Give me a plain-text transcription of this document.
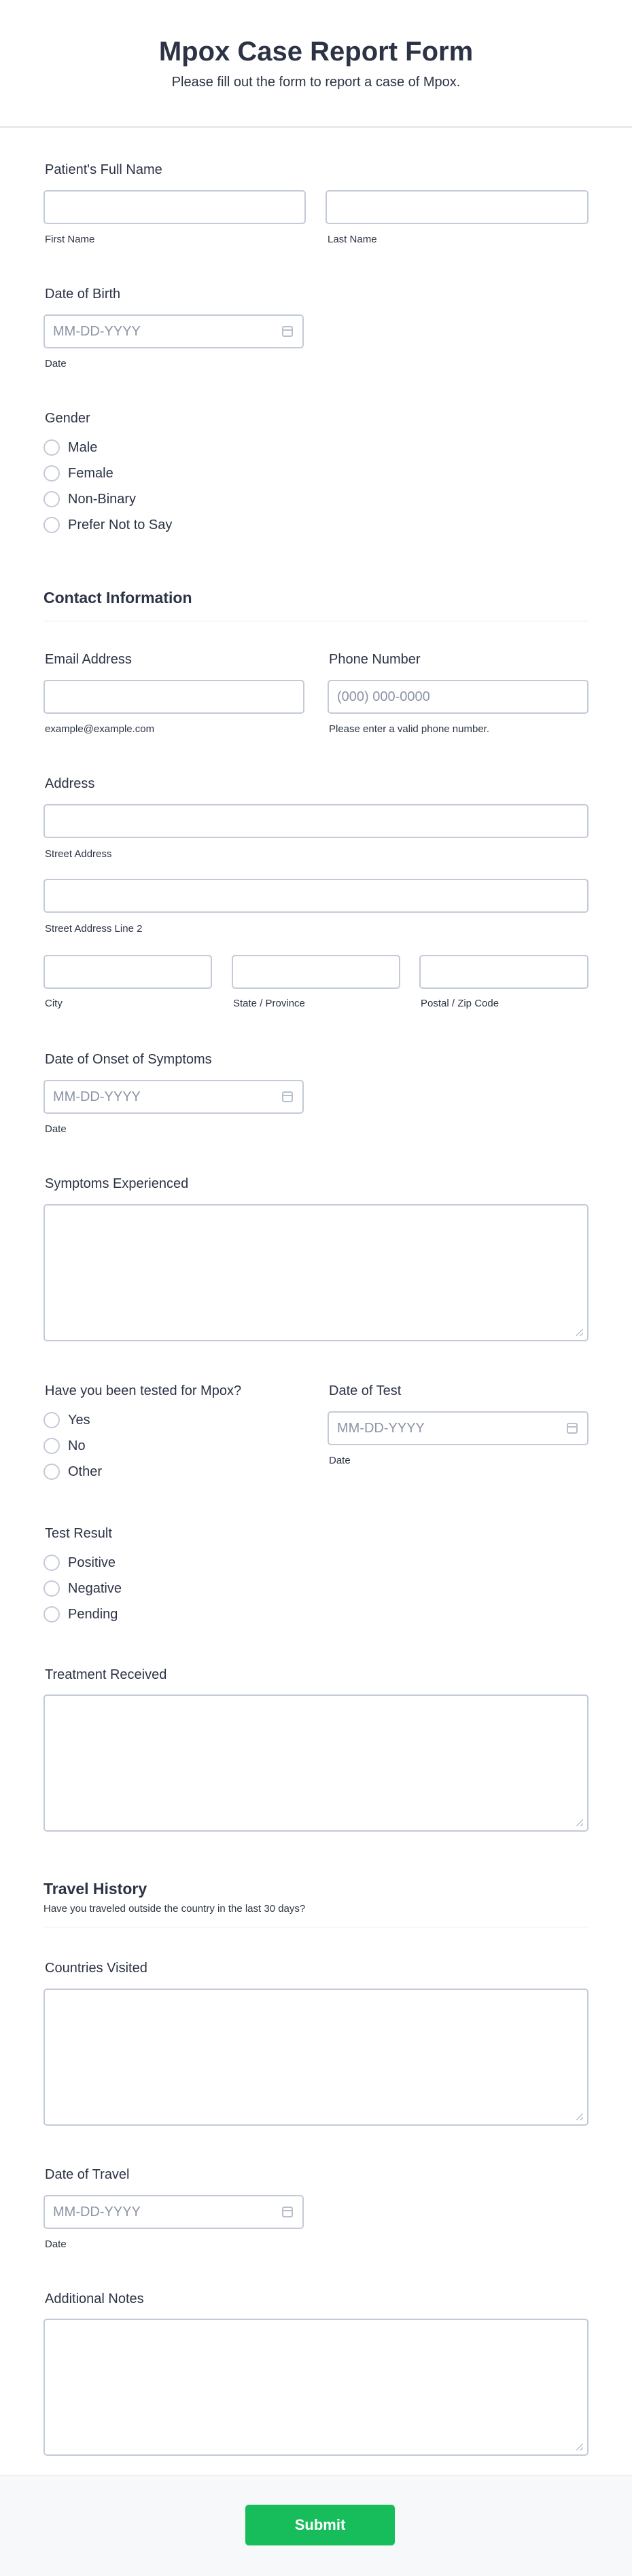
Mpox Case Report Form
Please fill out the form to report a case of Mpox.
Patient's Full Name
First Name	Last Name
Date of Birth
MM-DD-YYYY
Date
Gender
Male
Female
Non-Binary
Prefer Not to Say
Contact Information
Email Address
example@example.com
Phone Number
(000) 000-0000
Please enter a valid phone number.
Address
Street Address
Street Address Line 2
City	State / Province	Postal / Zip Code
Date of Onset of Symptoms
MM-DD-YYYY
Date
Symptoms Experienced
Have you been tested for Mpox?
Yes
No
Other
Date of Test
MM-DD-YYYY
Date
Test Result
Positive
Negative
Pending
Treatment Received
Travel History
Have you traveled outside the country in the last 30 days?
Countries Visited
Date of Travel
MM-DD-YYYY
Date
Additional Notes
Submit
